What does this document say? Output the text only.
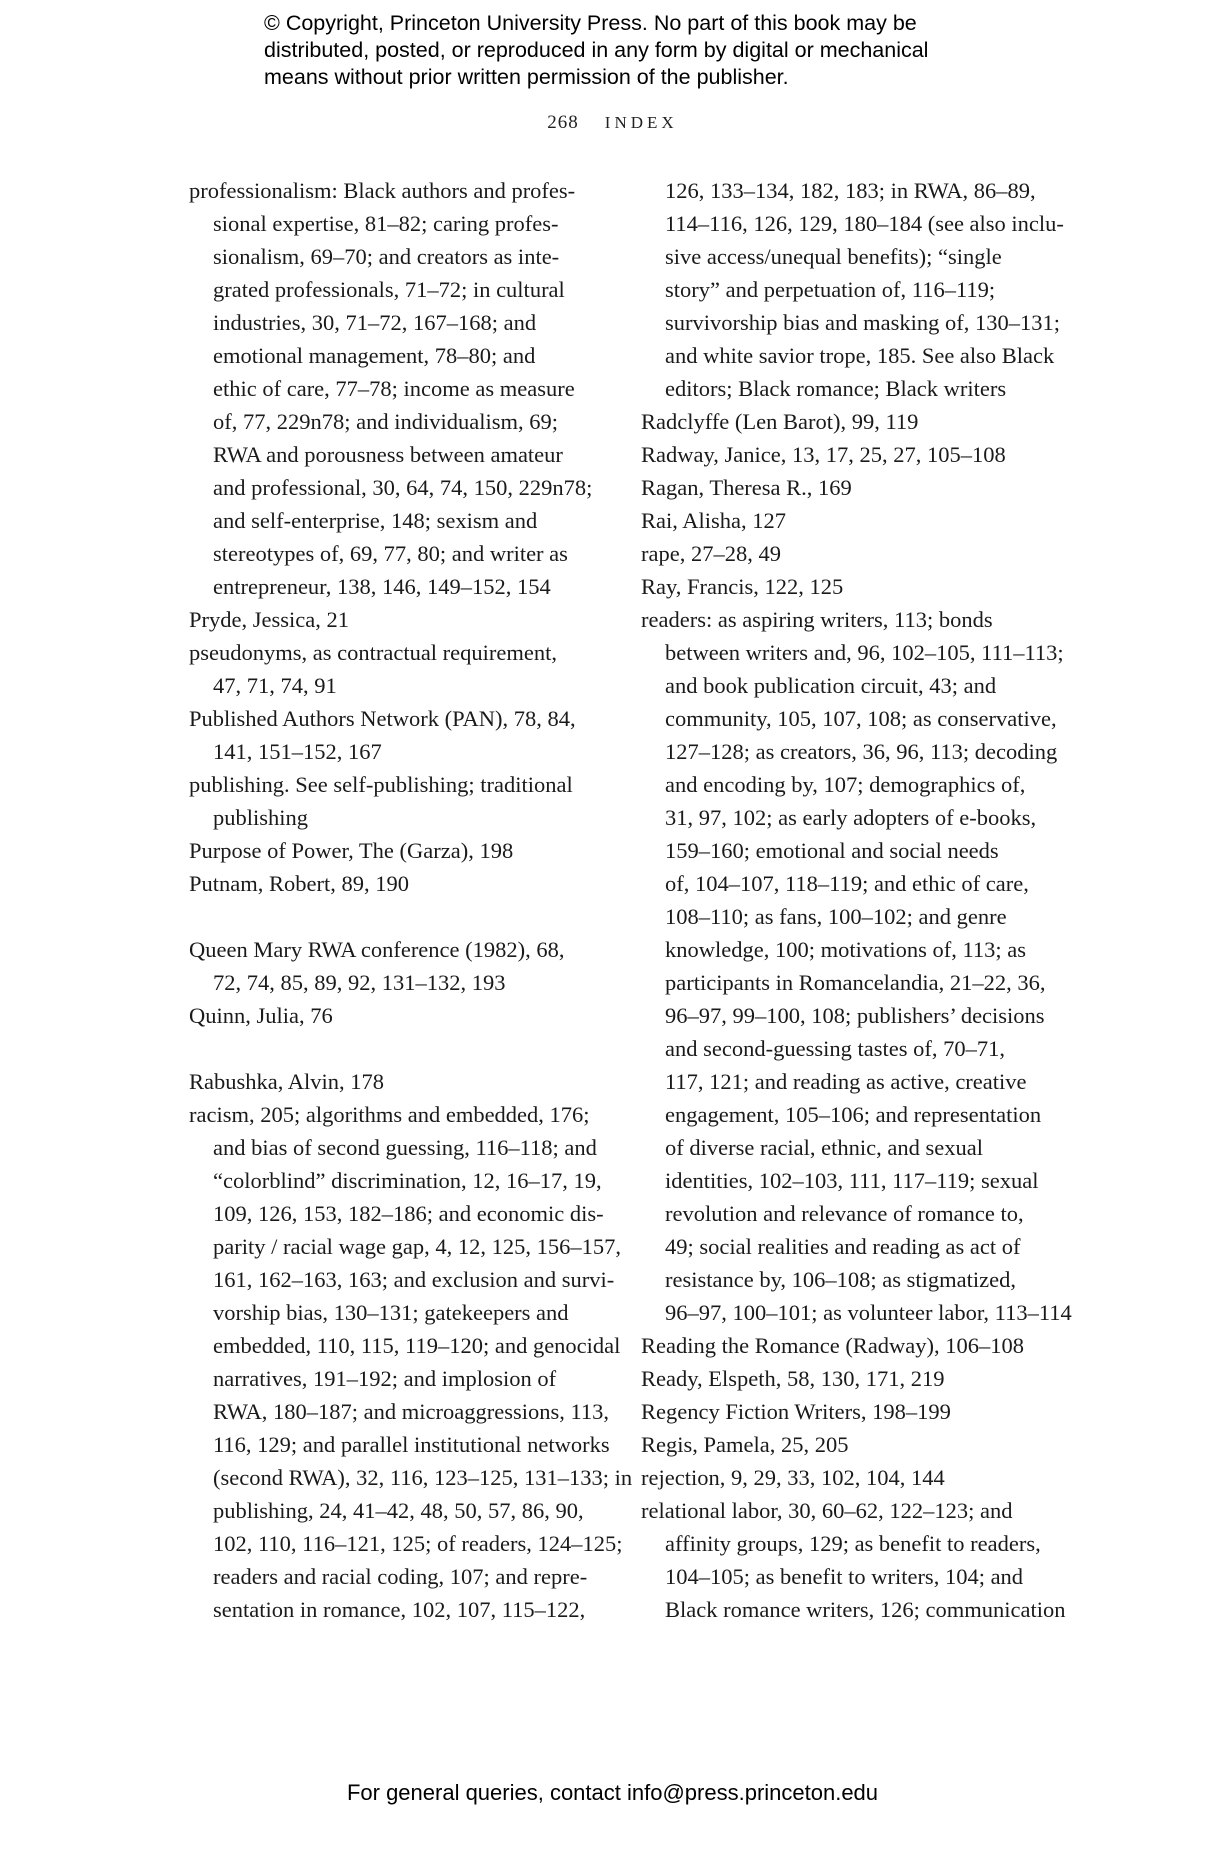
© Copyright, Princeton University Press. No part of this book may be
distributed, posted, or reproduced in any form by digital or mechanical
means without prior written permission of the publisher.
268 INDEX
professionalism: Black authors and profes-
sional expertise, 81–82; caring profes-
sionalism, 69–70; and creators as inte-
grated professionals, 71–72; in cultural
industries, 30, 71–72, 167–168; and
emotional management, 78–80; and
ethic of care, 77–78; income as measure
of, 77, 229n78; and individualism, 69;
RWA and porousness between amateur
and professional, 30, 64, 74, 150, 229n78;
and self-enterprise, 148; sexism and
stereotypes of, 69, 77, 80; and writer as
entrepreneur, 138, 146, 149–152, 154
Pryde, Jessica, 21
pseudonyms, as contractual requirement,
47, 71, 74, 91
Published Authors Network (PAN), 78, 84,
141, 151–152, 167
publishing. See self-publishing; traditional
publishing
Purpose of Power, The (Garza), 198
Putnam, Robert, 89, 190
Queen Mary RWA conference (1982), 68,
72, 74, 85, 89, 92, 131–132, 193
Quinn, Julia, 76
Rabushka, Alvin, 178
racism, 205; algorithms and embedded, 176;
and bias of second guessing, 116–118; and
“colorblind” discrimination, 12, 16–17, 19,
109, 126, 153, 182–186; and economic dis-
parity / racial wage gap, 4, 12, 125, 156–157,
161, 162–163, 163; and exclusion and survi-
vorship bias, 130–131; gatekeepers and
embedded, 110, 115, 119–120; and genocidal
narratives, 191–192; and implosion of
RWA, 180–187; and microaggressions, 113,
116, 129; and parallel institutional networks
(second RWA), 32, 116, 123–125, 131–133; in
publishing, 24, 41–42, 48, 50, 57, 86, 90,
102, 110, 116–121, 125; of readers, 124–125;
readers and racial coding, 107; and repre-
sentation in romance, 102, 107, 115–122,
126, 133–134, 182, 183; in RWA, 86–89,
114–116, 126, 129, 180–184 (see also inclu-
sive access/unequal benefits); “single
story” and perpetuation of, 116–119;
survivorship bias and masking of, 130–131;
and white savior trope, 185. See also Black
editors; Black romance; Black writers
Radclyffe (Len Barot), 99, 119
Radway, Janice, 13, 17, 25, 27, 105–108
Ragan, Theresa R., 169
Rai, Alisha, 127
rape, 27–28, 49
Ray, Francis, 122, 125
readers: as aspiring writers, 113; bonds
between writers and, 96, 102–105, 111–113;
and book publication circuit, 43; and
community, 105, 107, 108; as conservative,
127–128; as creators, 36, 96, 113; decoding
and encoding by, 107; demographics of,
31, 97, 102; as early adopters of e-books,
159–160; emotional and social needs
of, 104–107, 118–119; and ethic of care,
108–110; as fans, 100–102; and genre
knowledge, 100; motivations of, 113; as
participants in Romancelandia, 21–22, 36,
96–97, 99–100, 108; publishers’ decisions
and second-guessing tastes of, 70–71,
117, 121; and reading as active, creative
engagement, 105–106; and representation
of diverse racial, ethnic, and sexual
identities, 102–103, 111, 117–119; sexual
revolution and relevance of romance to,
49; social realities and reading as act of
resistance by, 106–108; as stigmatized,
96–97, 100–101; as volunteer labor, 113–114
Reading the Romance (Radway), 106–108
Ready, Elspeth, 58, 130, 171, 219
Regency Fiction Writers, 198–199
Regis, Pamela, 25, 205
rejection, 9, 29, 33, 102, 104, 144
relational labor, 30, 60–62, 122–123; and
affinity groups, 129; as benefit to readers,
104–105; as benefit to writers, 104; and
Black romance writers, 126; communication
For general queries, contact info@press.princeton.edu
